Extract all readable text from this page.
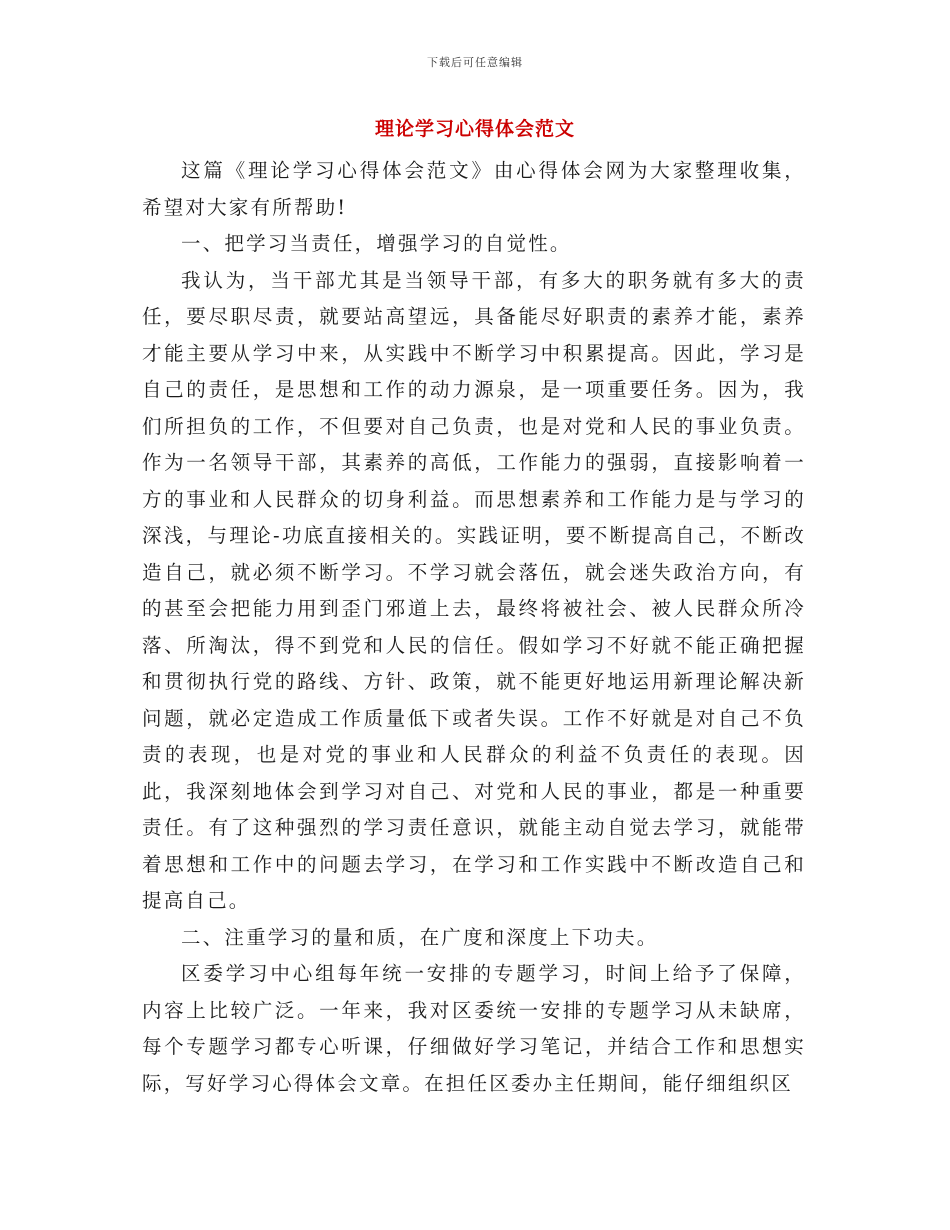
下载后可任意编辑
理论学习心得体会范文

这篇《理论学习心得体会范文》由心得体会网为大家整理收集，希望对大家有所帮助!

一、把学习当责任，增强学习的自觉性。

我认为，当干部尤其是当领导干部，有多大的职务就有多大的责任，要尽职尽责，就要站高望远，具备能尽好职责的素养才能，素养才能主要从学习中来，从实践中不断学习中积累提高。因此，学习是自己的责任，是思想和工作的动力源泉，是一项重要任务。因为，我们所担负的工作，不但要对自己负责，也是对党和人民的事业负责。作为一名领导干部，其素养的高低，工作能力的强弱，直接影响着一方的事业和人民群众的切身利益。而思想素养和工作能力是与学习的深浅，与理论-功底直接相关的。实践证明，要不断提高自己，不断改造自己，就必须不断学习。不学习就会落伍，就会迷失政治方向，有的甚至会把能力用到歪门邪道上去，最终将被社会、被人民群众所冷落、所淘汰，得不到党和人民的信任。假如学习不好就不能正确把握和贯彻执行党的路线、方针、政策，就不能更好地运用新理论解决新问题，就必定造成工作质量低下或者失误。工作不好就是对自己不负责的表现，也是对党的事业和人民群众的利益不负责任的表现。因此，我深刻地体会到学习对自己、对党和人民的事业，都是一种重要责任。有了这种强烈的学习责任意识，就能主动自觉去学习，就能带着思想和工作中的问题去学习，在学习和工作实践中不断改造自己和提高自己。

二、注重学习的量和质，在广度和深度上下功夫。

区委学习中心组每年统一安排的专题学习，时间上给予了保障，内容上比较广泛。一年来，我对区委统一安排的专题学习从未缺席，每个专题学习都专心听课，仔细做好学习笔记，并结合工作和思想实际，写好学习心得体会文章。在担任区委办主任期间，能仔细组织区
